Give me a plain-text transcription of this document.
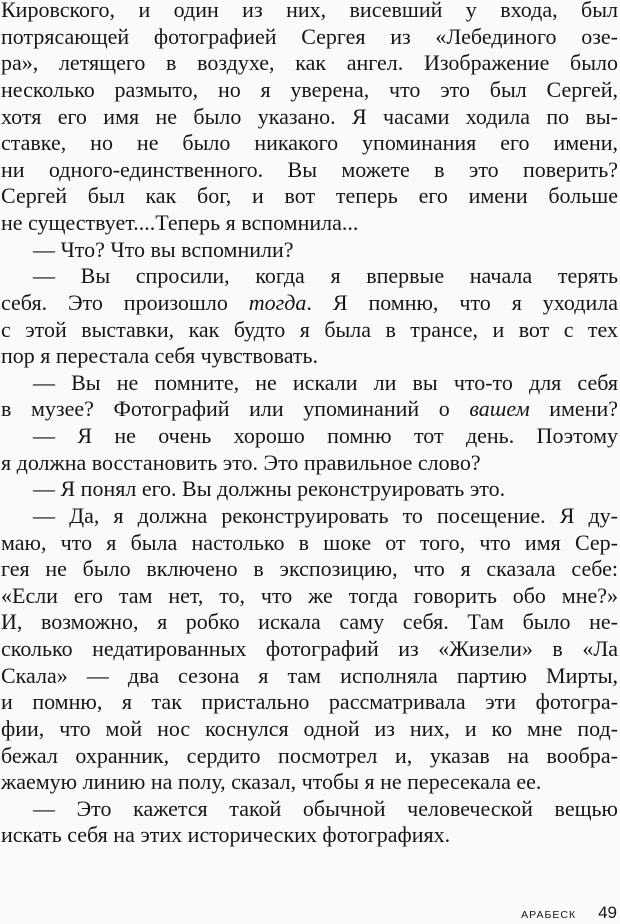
Кировского, и один из них, висевший у входа, был
потрясающей фотографией Сергея из «Лебединого озе-
ра», летящего в воздухе, как ангел. Изображение было
несколько размыто, но я уверена, что это был Сергей,
хотя его имя не было указано. Я часами ходила по вы-
ставке, но не было никакого упоминания его имени,
ни одного-единственного. Вы можете в это поверить?
Сергей был как бог, и вот теперь его имени больше
не существует....Теперь я вспомнила...
— Что? Что вы вспомнили?
— Вы спросили, когда я впервые начала терять
себя. Это произошло тогда. Я помню, что я уходила
с этой выставки, как будто я была в трансе, и вот с тех
пор я перестала себя чувствовать.
— Вы не помните, не искали ли вы что-то для себя
в музее? Фотографий или упоминаний о вашем имени?
— Я не очень хорошо помню тот день. Поэтому
я должна восстановить это. Это правильное слово?
— Я понял его. Вы должны реконструировать это.
— Да, я должна реконструировать то посещение. Я ду-
маю, что я была настолько в шоке от того, что имя Сер-
гея не было включено в экспозицию, что я сказала себе:
«Если его там нет, то, что же тогда говорить обо мне?»
И, возможно, я робко искала саму себя. Там было не-
сколько недатированных фотографий из «Жизели» в «Ла
Скала» — два сезона я там исполняла партию Мирты,
и помню, я так пристально рассматривала эти фотогра-
фии, что мой нос коснулся одной из них, и ко мне под-
бежал охранник, сердито посмотрел и, указав на вообра-
жаемую линию на полу, сказал, чтобы я не пересекала ее.
— Это кажется такой обычной человеческой вещью
искать себя на этих исторических фотографиях.
АРАБЕСК 49
